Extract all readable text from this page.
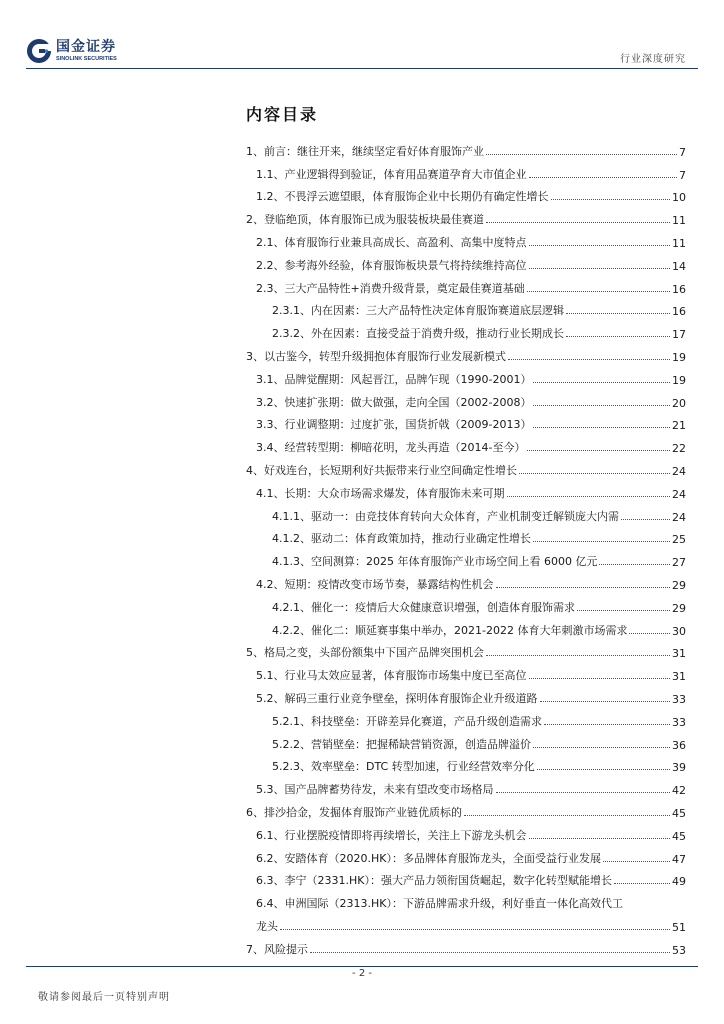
国金证券
SINOLINK SECURITIES	行业深度研究
内容目录
1、前言：继往开来，继续坚定看好体育服饰产业	7
1.1、产业逻辑得到验证，体育用品赛道孕育大市值企业	7
1.2、不畏浮云遮望眼，体育服饰企业中长期仍有确定性增长	10
2、登临绝顶，体育服饰已成为服装板块最佳赛道	11
2.1、体育服饰行业兼具高成长、高盈利、高集中度特点	11
2.2、参考海外经验，体育服饰板块景气将持续维持高位	14
2.3、三大产品特性+消费升级背景，奠定最佳赛道基础	16
2.3.1、内在因素：三大产品特性决定体育服饰赛道底层逻辑	16
2.3.2、外在因素：直接受益于消费升级，推动行业长期成长	17
3、以古鉴今，转型升级拥抱体育服饰行业发展新模式	19
3.1、品牌觉醒期：风起晋江，品牌乍现（1990-2001）	19
3.2、快速扩张期：做大做强，走向全国（2002-2008）	20
3.3、行业调整期：过度扩张，国货折戟（2009-2013）	21
3.4、经营转型期：柳暗花明，龙头再造（2014-至今）	22
4、好戏连台，长短期利好共振带来行业空间确定性增长	24
4.1、长期：大众市场需求爆发，体育服饰未来可期	24
4.1.1、驱动一：由竞技体育转向大众体育，产业机制变迁解锁庞大内需	24
4.1.2、驱动二：体育政策加持，推动行业确定性增长	25
4.1.3、空间测算：2025 年体育服饰产业市场空间上看 6000 亿元	27
4.2、短期：疫情改变市场节奏，暴露结构性机会	29
4.2.1、催化一：疫情后大众健康意识增强，创造体育服饰需求	29
4.2.2、催化二：顺延赛事集中举办，2021-2022 体育大年刺激市场需求	30
5、格局之变，头部份额集中下国产品牌突围机会	31
5.1、行业马太效应显著，体育服饰市场集中度已至高位	31
5.2、解码三重行业竞争壁垒，探明体育服饰企业升级道路	33
5.2.1、科技壁垒：开辟差异化赛道，产品升级创造需求	33
5.2.2、营销壁垒：把握稀缺营销资源，创造品牌溢价	36
5.2.3、效率壁垒：DTC 转型加速，行业经营效率分化	39
5.3、国产品牌蓄势待发，未来有望改变市场格局	42
6、排沙拾金，发掘体育服饰产业链优质标的	45
6.1、行业摆脱疫情即将再续增长，关注上下游龙头机会	45
6.2、安踏体育（2020.HK）：多品牌体育服饰龙头，全面受益行业发展	47
6.3、李宁（2331.HK）：强大产品力领衔国货崛起，数字化转型赋能增长	49
6.4、申洲国际（2313.HK）：下游品牌需求升级，利好垂直一体化高效代工
龙头	51
7、风险提示	53
- 2 -
敬请参阅最后一页特别声明
